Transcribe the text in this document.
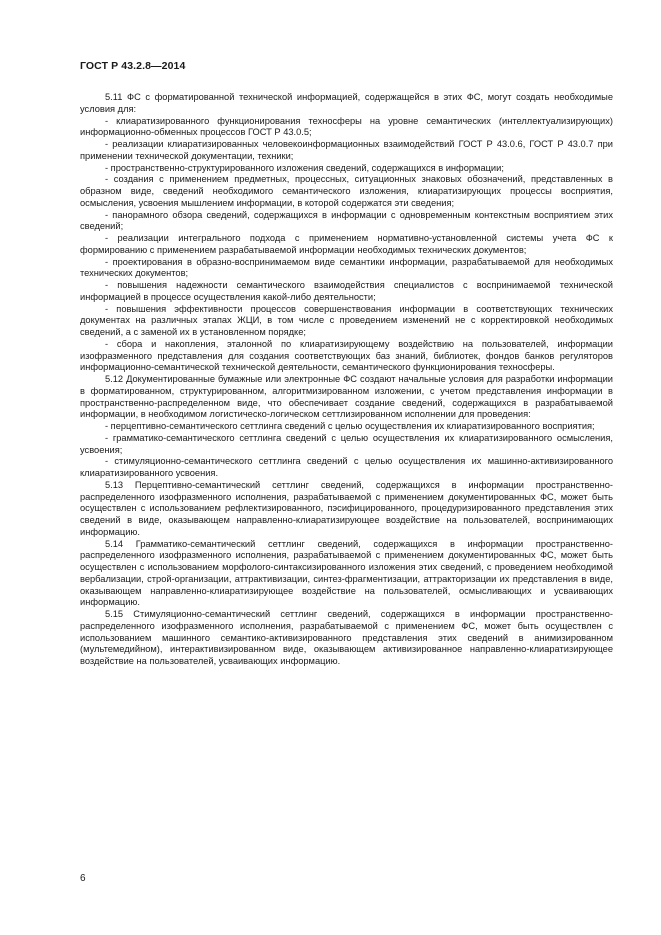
ГОСТ Р 43.2.8—2014

5.11 ФС с форматированной технической информацией, содержащейся в этих ФС, могут создать необходимые условия для:

- клиаратизированного функционирования техносферы на уровне семантических (интеллектуализирующих) информационно-обменных процессов ГОСТ Р 43.0.5;

- реализации клиаратизированных человекоинформационных взаимодействий ГОСТ Р 43.0.6, ГОСТ Р 43.0.7 при применении технической документации, техники;

- пространственно-структурированного изложения сведений, содержащихся в информации;

- создания с применением предметных, процессных, ситуационных знаковых обозначений, представленных в образном виде, сведений необходимого семантического изложения, клиаратизирующих процессы восприятия, осмысления, усвоения мышлением информации, в которой содержатся эти сведения;

- панорамного обзора сведений, содержащихся в информации с одновременным контекстным восприятием этих сведений;

- реализации интегрального подхода с применением нормативно-установленной системы учета ФС к формированию с применением разрабатываемой информации необходимых технических документов;

- проектирования в образно-воспринимаемом виде семантики информации, разрабатываемой для необходимых технических документов;

- повышения надежности семантического взаимодействия специалистов с воспринимаемой технической информацией в процессе осуществления какой-либо деятельности;

- повышения эффективности процессов совершенствования информации в соответствующих технических документах на различных этапах ЖЦИ, в том числе с проведением изменений не с корректировкой необходимых сведений, а с заменой их в установленном порядке;

- сбора и накопления, эталонной по клиаратизирующему воздействию на пользователей, информации изофразменного представления для создания соответствующих баз знаний, библиотек, фондов банков регуляторов информационно-семантической технической деятельности, семантического функционирования техносферы.

5.12 Документированные бумажные или электронные ФС создают начальные условия для разработки информации в форматированном, структурированном, алгоритмизированном изложении, с учетом представления информации в пространственно-распределенном виде, что обеспечивает создание сведений, содержащихся в разрабатываемой информации, в необходимом логистическо-логическом сеттлизированном исполнении для проведения:

- перцептивно-семантического сеттлинга сведений с целью осуществления их клиаратизированного восприятия;

- грамматико-семантического сеттлинга сведений с целью осуществления их клиаратизированного осмысления, усвоения;

- стимуляционно-семантического сеттлинга сведений с целью осуществления их машинно-активизированного клиаратизированного усвоения.

5.13 Перцептивно-семантический сеттлинг сведений, содержащихся в информации пространственно-распределенного изофразменного исполнения, разрабатываемой с применением документированных ФС, может быть осуществлен с использованием рефлектизированного, пэсифицированного, процедуризированного представления этих сведений в виде, оказывающем направленно-клиаратизирующее воздействие на пользователей, воспринимающих информацию.

5.14 Грамматико-семантический сеттлинг сведений, содержащихся в информации пространственно-распределенного изофразменного исполнения, разрабатываемой с применением документированных ФС, может быть осуществлен с использованием морфолого-синтаксизированного изложения этих сведений, с проведением необходимой вербализации, строй-организации, аттрактивизации, синтез-фрагментизации, аттракторизации их представления в виде, оказывающем направленно-клиаратизирующее воздействие на пользователей, осмысливающих и усваивающих информацию.

5.15 Стимуляционно-семантический сеттлинг сведений, содержащихся в информации пространственно-распределенного изофразменного исполнения, разрабатываемой с применением ФС, может быть осуществлен с использованием машинного семантико-активизированного представления этих сведений в анимизированном (мультемедийном), интерактивизированном виде, оказывающем активизированное направленно-клиаратизирующее воздействие на пользователей, усваивающих информацию.

6
